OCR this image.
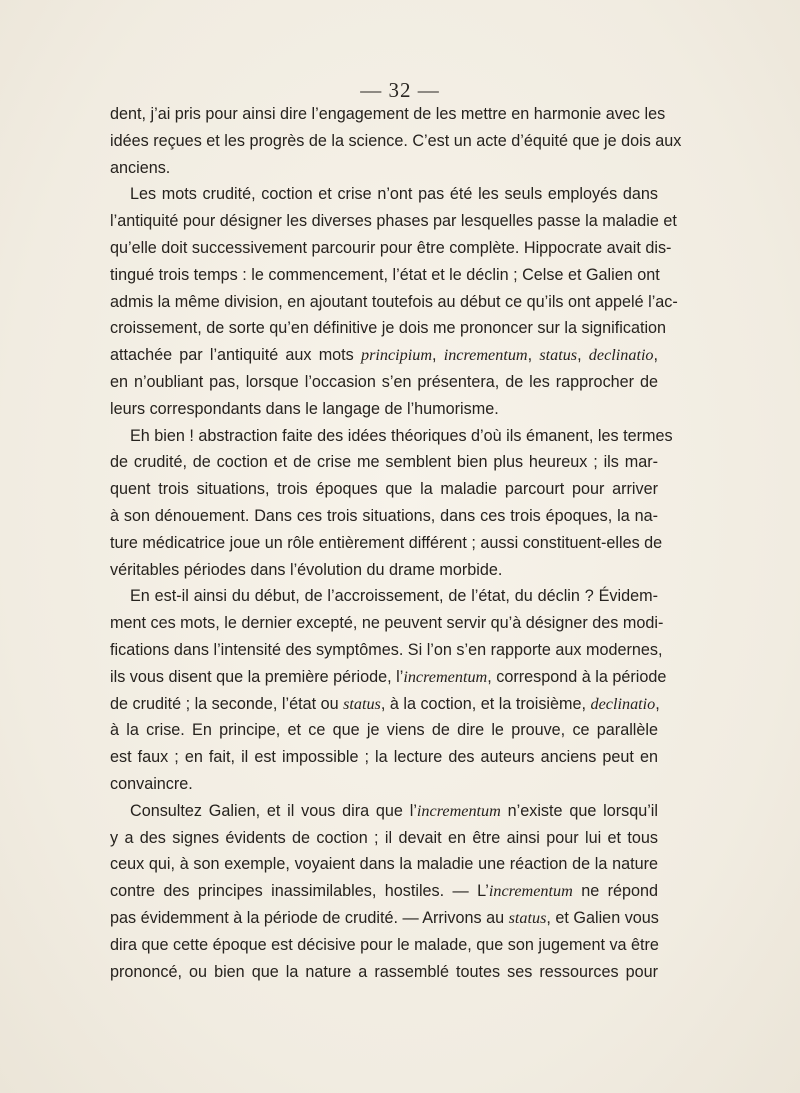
— 32 —
dent, j’ai pris pour ainsi dire l’engagement de les mettre en harmonie avec les
idées reçues et les progrès de la science. C’est un acte d’équité que je dois aux
anciens.
Les mots crudité, coction et crise n’ont pas été les seuls employés dans
l’antiquité pour désigner les diverses phases par lesquelles passe la maladie et
qu’elle doit successivement parcourir pour être complète. Hippocrate avait dis-
tingué trois temps : le commencement, l’état et le déclin ; Celse et Galien ont
admis la même division, en ajoutant toutefois au début ce qu’ils ont appelé l’ac-
croissement, de sorte qu’en définitive je dois me prononcer sur la signification
attachée par l’antiquité aux mots principium, incrementum, status, declinatio,
en n’oubliant pas, lorsque l’occasion s’en présentera, de les rapprocher de
leurs correspondants dans le langage de l’humorisme.
Eh bien ! abstraction faite des idées théoriques d’où ils émanent, les termes
de crudité, de coction et de crise me semblent bien plus heureux ; ils mar-
quent trois situations, trois époques que la maladie parcourt pour arriver
à son dénouement. Dans ces trois situations, dans ces trois époques, la na-
ture médicatrice joue un rôle entièrement différent ; aussi constituent-elles de
véritables périodes dans l’évolution du drame morbide.
En est-il ainsi du début, de l’accroissement, de l’état, du déclin ? Évidem-
ment ces mots, le dernier excepté, ne peuvent servir qu’à désigner des modi-
fications dans l’intensité des symptômes. Si l’on s’en rapporte aux modernes,
ils vous disent que la première période, l’incrementum, correspond à la période
de crudité ; la seconde, l’état ou status, à la coction, et la troisième, declinatio,
à la crise. En principe, et ce que je viens de dire le prouve, ce parallèle
est faux ; en fait, il est impossible ; la lecture des auteurs anciens peut en
convaincre.
Consultez Galien, et il vous dira que l’incrementum n’existe que lorsqu’il
y a des signes évidents de coction ; il devait en être ainsi pour lui et tous
ceux qui, à son exemple, voyaient dans la maladie une réaction de la nature
contre des principes inassimilables, hostiles. — L’incrementum ne répond
pas évidemment à la période de crudité. — Arrivons au status, et Galien vous
dira que cette époque est décisive pour le malade, que son jugement va être
prononcé, ou bien que la nature a rassemblé toutes ses ressources pour
